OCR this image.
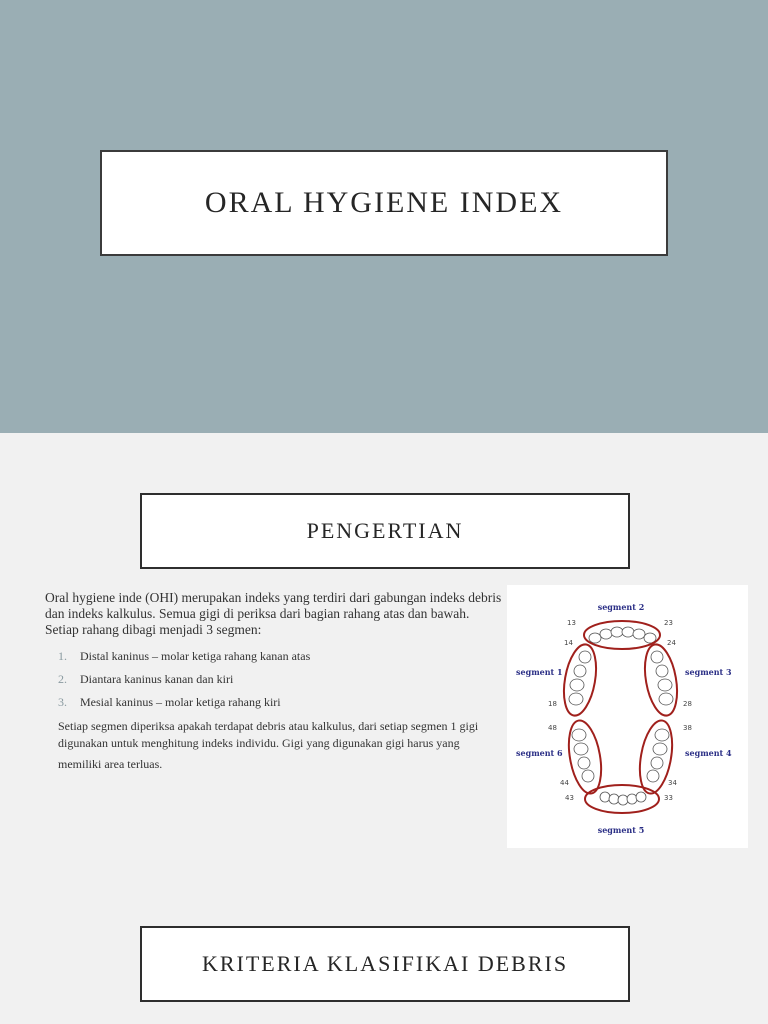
ORAL HYGIENE INDEX
PENGERTIAN
Oral hygiene inde (OHI) merupakan indeks yang terdiri dari gabungan indeks debris dan indeks kalkulus. Semua gigi di periksa dari bagian rahang atas dan bawah. Setiap rahang dibagi menjadi 3 segmen:
1.	Distal kaninus – molar ketiga rahang kanan atas
2.	Diantara kaninus kanan dan kiri
3.	Mesial kaninus – molar ketiga rahang kiri
Setiap segmen diperiksa apakah terdapat debris atau kalkulus, dari setiap segmen 1 gigi
digunakan untuk menghitung indeks individu. Gigi yang digunakan gigi harus yang
memiliki area terluas.
segment 2
segment 1	segment 3
segment 6	segment 4
segment 5
13	23
14	24
18	28
48	38
44	34
43	33
KRITERIA KLASIFIKAI DEBRIS
